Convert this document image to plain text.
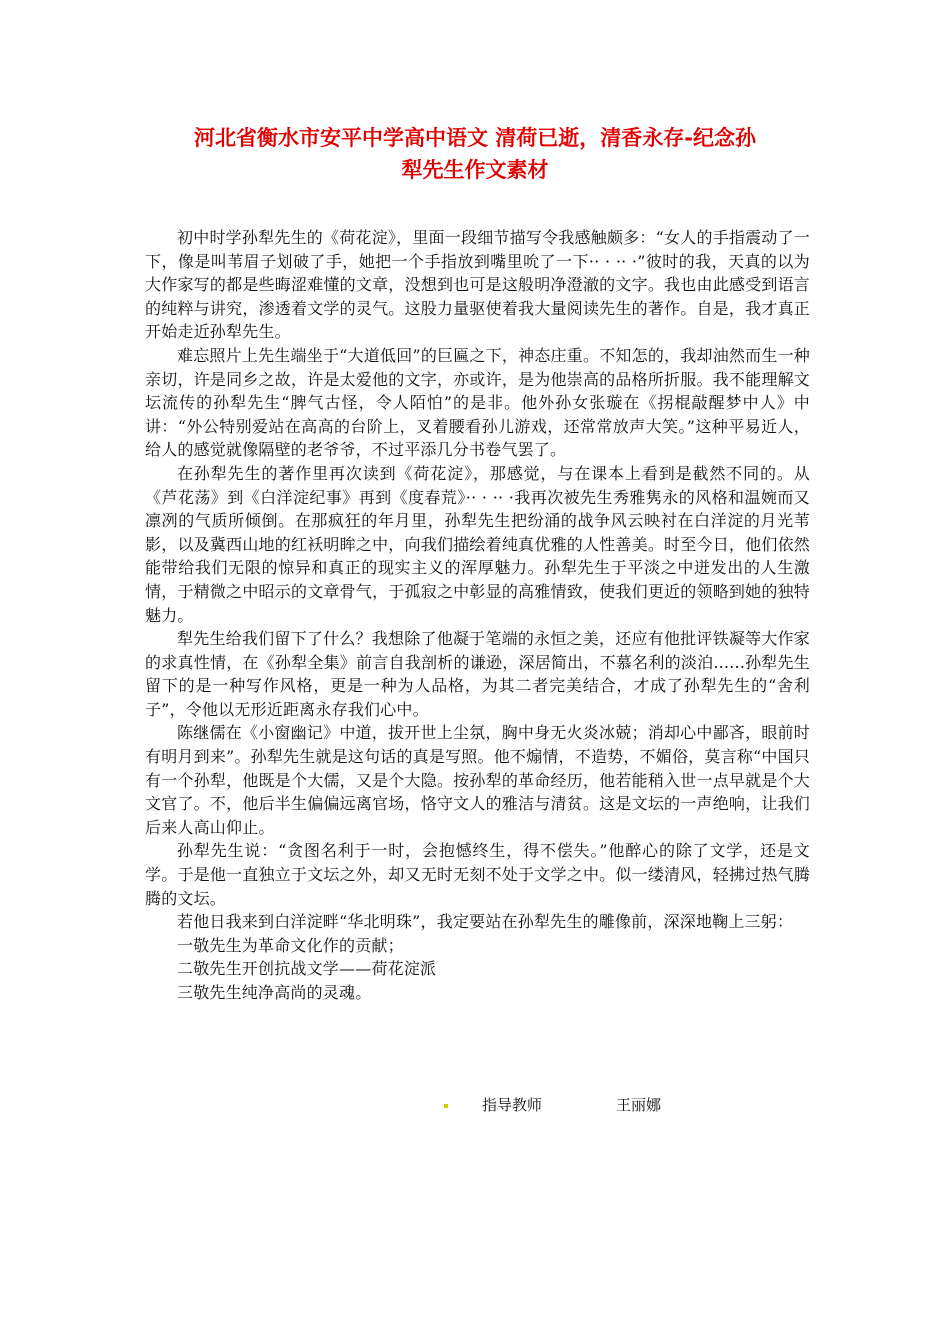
河北省衡水市安平中学高中语文 清荷已逝，清香永存-纪念孙
犁先生作文素材

初中时学孙犁先生的《荷花淀》，里面一段细节描写令我感触颇多：“女人的手指震动了一下，像是叫苇眉子划破了手，她把一个手指放到嘴里吮了一下·· · ·· ·”彼时的我，天真的以为大作家写的都是些晦涩难懂的文章，没想到也可是这般明净澄澈的文字。我也由此感受到语言的纯粹与讲究，渗透着文学的灵气。这股力量驱使着我大量阅读先生的著作。自是，我才真正开始走近孙犁先生。

难忘照片上先生端坐于“大道低回”的巨匾之下，神态庄重。不知怎的，我却油然而生一种亲切，许是同乡之故，许是太爱他的文字，亦或许，是为他崇高的品格所折服。我不能理解文坛流传的孙犁先生“脾气古怪，令人陌怕”的是非。他外孙女张璇在《拐棍敲醒梦中人》中讲：“外公特别爱站在高高的台阶上，叉着腰看孙儿游戏，还常常放声大笑。”这种平易近人，给人的感觉就像隔壁的老爷爷，不过平添几分书卷气罢了。

在孙犁先生的著作里再次读到《荷花淀》，那感觉，与在课本上看到是截然不同的。从《芦花荡》到《白洋淀纪事》再到《度春荒》·· · ·· ·我再次被先生秀雅隽永的风格和温婉而又凛冽的气质所倾倒。在那疯狂的年月里，孙犁先生把纷涌的战争风云映衬在白洋淀的月光苇影，以及冀西山地的红袄明眸之中，向我们描绘着纯真优雅的人性善美。时至今日，他们依然能带给我们无限的惊异和真正的现实主义的浑厚魅力。孙犁先生于平淡之中迸发出的人生激情，于精微之中昭示的文章骨气，于孤寂之中彰显的高雅情致，使我们更近的领略到她的独特魅力。

犁先生给我们留下了什么？我想除了他凝于笔端的永恒之美，还应有他批评铁凝等大作家的求真性情，在《孙犁全集》前言自我剖析的谦逊，深居简出，不慕名利的淡泊......孙犁先生留下的是一种写作风格，更是一种为人品格，为其二者完美结合，才成了孙犁先生的“舍利子”，令他以无形近距离永存我们心中。

陈继儒在《小窗幽记》中道，拔开世上尘氛，胸中身无火炎冰兢；消却心中鄙吝，眼前时有明月到来”。孙犁先生就是这句话的真是写照。他不煽情，不造势，不媚俗，莫言称“中国只有一个孙犁，他既是个大儒，又是个大隐。按孙犁的革命经历，他若能稍入世一点早就是个大文官了。不，他后半生偏偏远离官场，恪守文人的雅洁与清贫。这是文坛的一声绝响，让我们后来人高山仰止。

孙犁先生说：“贪图名利于一时，会抱憾终生，得不偿失。”他醉心的除了文学，还是文学。于是他一直独立于文坛之外，却又无时无刻不处于文学之中。似一缕清风，轻拂过热气腾腾的文坛。

若他日我来到白洋淀畔“华北明珠”，我定要站在孙犁先生的雕像前，深深地鞠上三躬：

一敬先生为革命文化作的贡献；

二敬先生开创抗战文学——荷花淀派

三敬先生纯净高尚的灵魂。

指导教师	王丽娜
